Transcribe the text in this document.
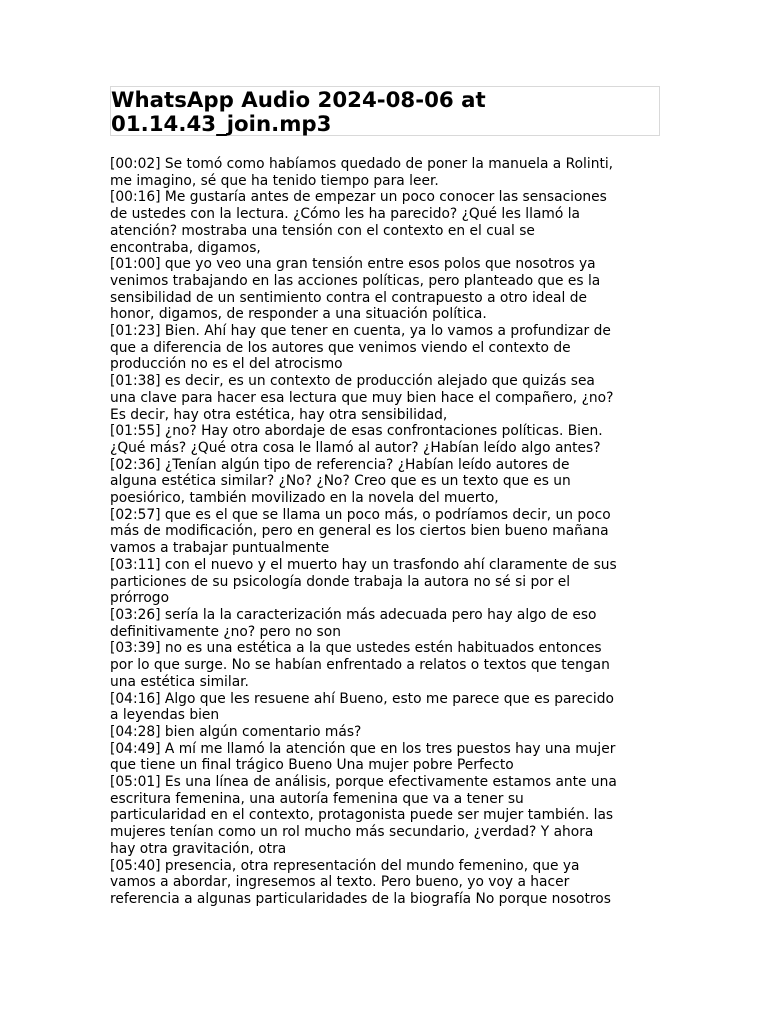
WhatsApp Audio 2024-08-06 at 01.14.43_join.mp3
[00:02] Se tomó como habíamos quedado de poner la manuela a Rolinti,
me imagino, sé que ha tenido tiempo para leer.
[00:16] Me gustaría antes de empezar un poco conocer las sensaciones
de ustedes con la lectura. ¿Cómo les ha parecido? ¿Qué les llamó la
atención? mostraba una tensión con el contexto en el cual se
encontraba, digamos,
[01:00] que yo veo una gran tensión entre esos polos que nosotros ya
venimos trabajando en las acciones políticas, pero planteado que es la
sensibilidad de un sentimiento contra el contrapuesto a otro ideal de
honor, digamos, de responder a una situación política.
[01:23] Bien. Ahí hay que tener en cuenta, ya lo vamos a profundizar de
que a diferencia de los autores que venimos viendo el contexto de
producción no es el del atrocismo
[01:38] es decir, es un contexto de producción alejado que quizás sea
una clave para hacer esa lectura que muy bien hace el compañero, ¿no?
Es decir, hay otra estética, hay otra sensibilidad,
[01:55] ¿no? Hay otro abordaje de esas confrontaciones políticas. Bien.
¿Qué más? ¿Qué otra cosa le llamó al autor? ¿Habían leído algo antes?
[02:36] ¿Tenían algún tipo de referencia? ¿Habían leído autores de
alguna estética similar? ¿No? ¿No? Creo que es un texto que es un
poesiórico, también movilizado en la novela del muerto,
[02:57] que es el que se llama un poco más, o podríamos decir, un poco
más de modificación, pero en general es los ciertos bien bueno mañana
vamos a trabajar puntualmente
[03:11] con el nuevo y el muerto hay un trasfondo ahí claramente de sus
particiones de su psicología donde trabaja la autora no sé si por el
prórrogo
[03:26] sería la la caracterización más adecuada pero hay algo de eso
definitivamente ¿no? pero no son
[03:39] no es una estética a la que ustedes estén habituados entonces
por lo que surge. No se habían enfrentado a relatos o textos que tengan
una estética similar.
[04:16] Algo que les resuene ahí Bueno, esto me parece que es parecido
a leyendas bien
[04:28] bien algún comentario más?
[04:49] A mí me llamó la atención que en los tres puestos hay una mujer
que tiene un final trágico Bueno Una mujer pobre Perfecto
[05:01] Es una línea de análisis, porque efectivamente estamos ante una
escritura femenina, una autoría femenina que va a tener su
particularidad en el contexto, protagonista puede ser mujer también. las
mujeres tenían como un rol mucho más secundario, ¿verdad? Y ahora
hay otra gravitación, otra
[05:40] presencia, otra representación del mundo femenino, que ya
vamos a abordar, ingresemos al texto. Pero bueno, yo voy a hacer
referencia a algunas particularidades de la biografía No porque nosotros
